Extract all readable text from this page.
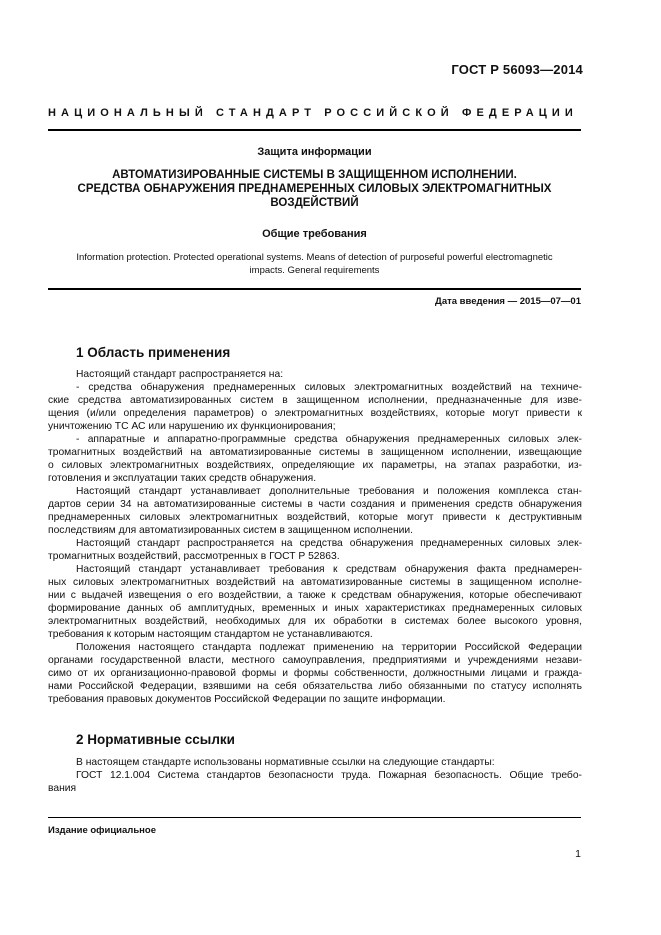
ГОСТ Р 56093—2014
НАЦИОНАЛЬНЫЙ СТАНДАРТ РОССИЙСКОЙ ФЕДЕРАЦИИ
Защита информации
АВТОМАТИЗИРОВАННЫЕ СИСТЕМЫ В ЗАЩИЩЕННОМ ИСПОЛНЕНИИ.
СРЕДСТВА ОБНАРУЖЕНИЯ ПРЕДНАМЕРЕННЫХ СИЛОВЫХ ЭЛЕКТРОМАГНИТНЫХ
ВОЗДЕЙСТВИЙ
Общие требования
Information protection. Protected operational systems. Means of detection of purposeful powerful electromagnetic
impacts. General requirements
Дата введения — 2015—07—01
1 Область применения
Настоящий стандарт распространяется на:
- средства обнаружения преднамеренных силовых электромагнитных воздействий на техниче-
ские средства автоматизированных систем в защищенном исполнении, предназначенные для изве-
щения (и/или определения параметров) о электромагнитных воздействиях, которые могут привести к
уничтожению ТС АС или нарушению их функционирования;
- аппаратные и аппаратно-программные средства обнаружения преднамеренных силовых элек-
тромагнитных воздействий на автоматизированные системы в защищенном исполнении, извещающие
о силовых электромагнитных воздействиях, определяющие их параметры, на этапах разработки, из-
готовления и эксплуатации таких средств обнаружения.
Настоящий стандарт устанавливает дополнительные требования и положения комплекса стан-
дартов серии 34 на автоматизированные системы в части создания и применения средств обнаружения
преднамеренных силовых электромагнитных воздействий, которые могут привести к деструктивным
последствиям для автоматизированных систем в защищенном исполнении.
Настоящий стандарт распространяется на средства обнаружения преднамеренных силовых элек-
тромагнитных воздействий, рассмотренных в ГОСТ Р 52863.
Настоящий стандарт устанавливает требования к средствам обнаружения факта преднамерен-
ных силовых электромагнитных воздействий на автоматизированные системы в защищенном исполне-
нии с выдачей извещения о его воздействии, а также к средствам обнаружения, которые обеспечивают
формирование данных об амплитудных, временных и иных характеристиках преднамеренных силовых
электромагнитных воздействий, необходимых для их обработки в системах более высокого уровня,
требования к которым настоящим стандартом не устанавливаются.
Положения настоящего стандарта подлежат применению на территории Российской Федерации
органами государственной власти, местного самоуправления, предприятиями и учреждениями незави-
симо от их организационно-правовой формы и формы собственности, должностными лицами и гражда-
нами Российской Федерации, взявшими на себя обязательства либо обязанными по статусу исполнять
требования правовых документов Российской Федерации по защите информации.
2 Нормативные ссылки
В настоящем стандарте использованы нормативные ссылки на следующие стандарты:
ГОСТ 12.1.004 Система стандартов безопасности труда. Пожарная безопасность. Общие требо-
вания
Издание официальное
1
